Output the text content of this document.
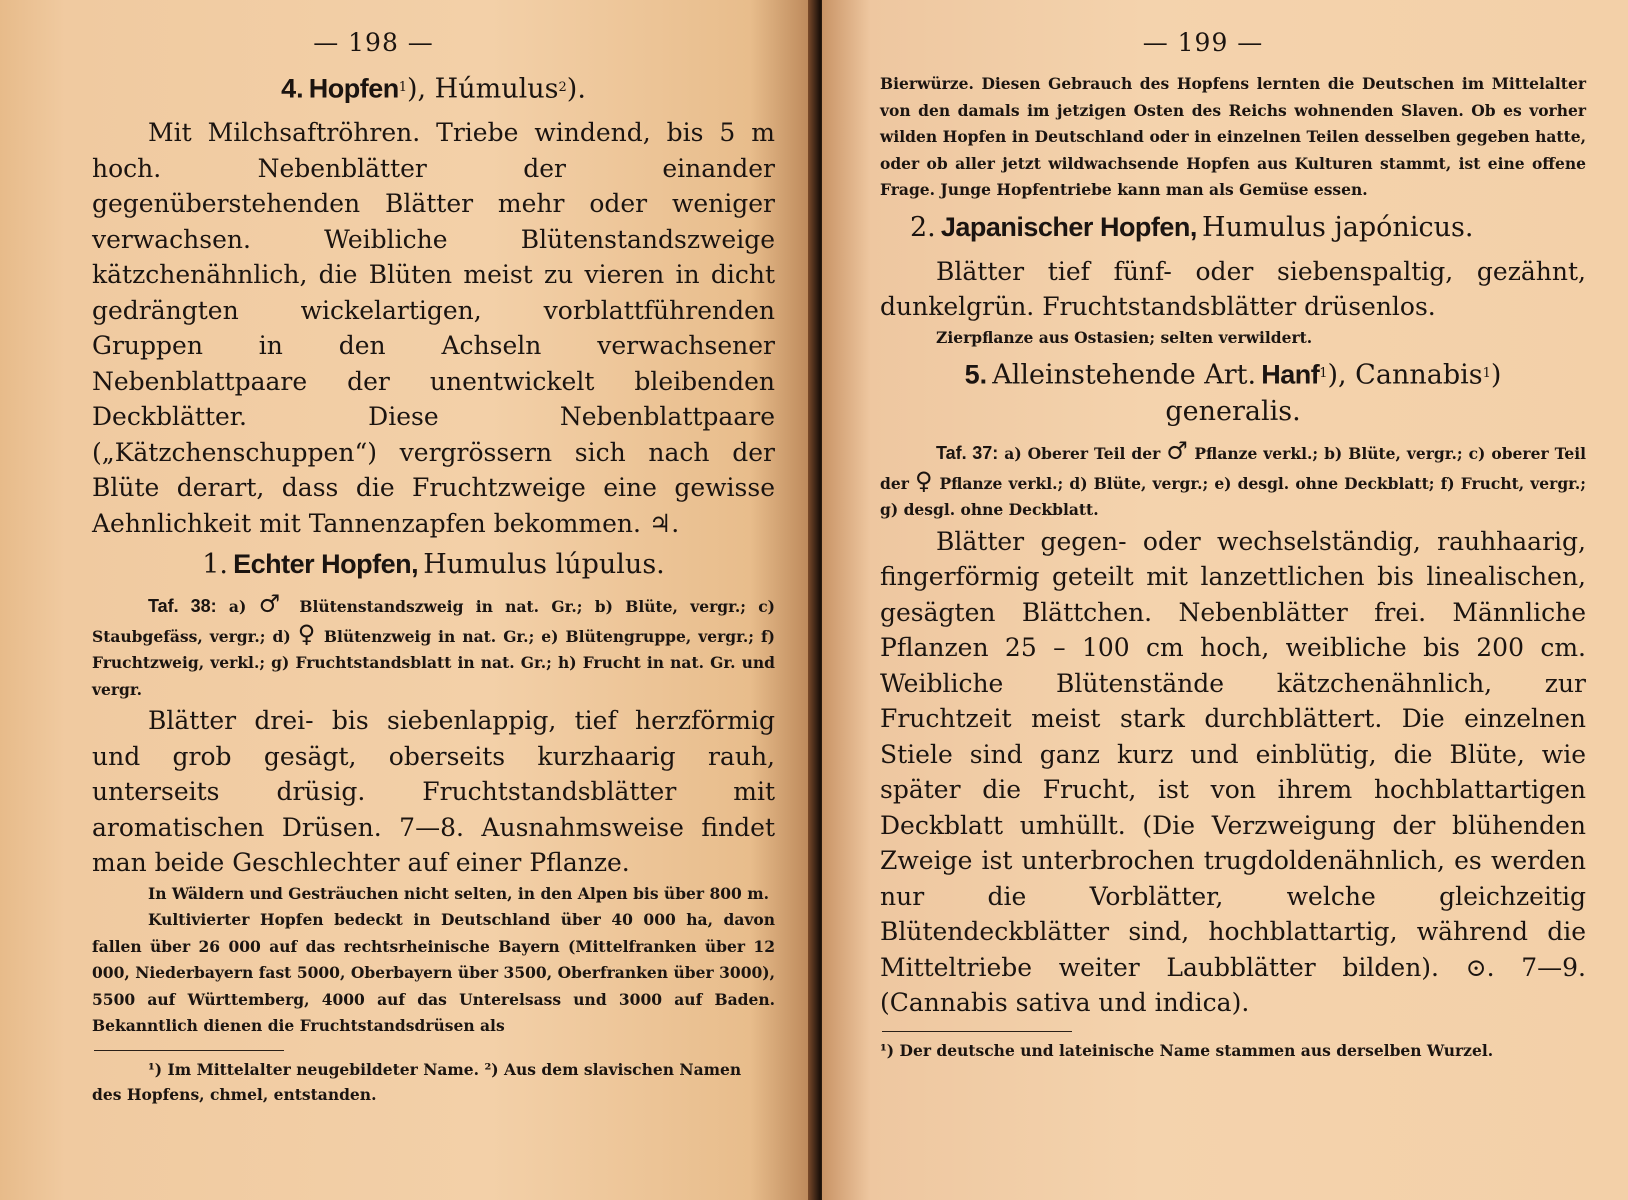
— 198 —
4. Hopfen$^1$), Húmulus$^2$).

Mit Milchsaftröhren. Triebe windend, bis 5 m hoch. Nebenblätter der einander gegenüberstehenden Blätter mehr oder weniger verwachsen. Weibliche Blütenstandszweige kätzchenähnlich, die Blüten meist zu vieren in dicht gedrängten wickelartigen, vorblattführenden Gruppen in den Achseln verwachsener Nebenblattpaare der unentwickelt bleibenden Deckblätter. Diese Nebenblattpaare („Kätzchenschuppen“) vergrössern sich nach der Blüte derart, dass die Fruchtzweige eine gewisse Aehnlichkeit mit Tannenzapfen bekommen. ♃.

1. Echter Hopfen, Humulus lúpulus.

Taf. 38: a) ♂ Blütenstandszweig in nat. Gr.; b) Blüte, vergr.; c) Staubgefäss, vergr.; d) ♀ Blütenzweig in nat. Gr.; e) Blütengruppe, vergr.; f) Fruchtzweig, verkl.; g) Fruchtstandsblatt in nat. Gr.; h) Frucht in nat. Gr. und vergr.

Blätter drei- bis siebenlappig, tief herzförmig und grob gesägt, oberseits kurzhaarig rauh, unterseits drüsig. Fruchtstandsblätter mit aromatischen Drüsen. 7—8. Ausnahmsweise findet man beide Geschlechter auf einer Pflanze.

In Wäldern und Gesträuchen nicht selten, in den Alpen bis über 800 m.

Kultivierter Hopfen bedeckt in Deutschland über 40 000 ha, davon fallen über 26 000 auf das rechtsrheinische Bayern (Mittelfranken über 12 000, Niederbayern fast 5000, Oberbayern über 3500, Oberfranken über 3000), 5500 auf Württemberg, 4000 auf das Unterelsass und 3000 auf Baden. Bekanntlich dienen die Fruchtstandsdrüsen als

¹) Im Mittelalter neugebildeter Name. ²) Aus dem slavischen Namen des Hopfens, chmel, entstanden.

— 199 —

Bierwürze. Diesen Gebrauch des Hopfens lernten die Deutschen im Mittelalter von den damals im jetzigen Osten des Reichs wohnenden Slaven. Ob es vorher wilden Hopfen in Deutschland oder in einzelnen Teilen desselben gegeben hatte, oder ob aller jetzt wildwachsende Hopfen aus Kulturen stammt, ist eine offene Frage. Junge Hopfentriebe kann man als Gemüse essen.

2. Japanischer Hopfen, Humulus japónicus.

Blätter tief fünf- oder siebenspaltig, gezähnt, dunkelgrün. Fruchtstandsblätter drüsenlos.

Zierpflanze aus Ostasien; selten verwildert.

5. Alleinstehende Art. Hanf$^1$), Cannabis$^1$)
generalis.

Taf. 37: a) Oberer Teil der ♂ Pflanze verkl.; b) Blüte, vergr.; c) oberer Teil der ♀ Pflanze verkl.; d) Blüte, vergr.; e) desgl. ohne Deckblatt; f) Frucht, vergr.; g) desgl. ohne Deckblatt.

Blätter gegen- oder wechselständig, rauhhaarig, fingerförmig geteilt mit lanzettlichen bis linealischen, gesägten Blättchen. Nebenblätter frei. Männliche Pflanzen 25 – 100 cm hoch, weibliche bis 200 cm. Weibliche Blütenstände kätzchenähnlich, zur Fruchtzeit meist stark durchblättert. Die einzelnen Stiele sind ganz kurz und einblütig, die Blüte, wie später die Frucht, ist von ihrem hochblattartigen Deckblatt umhüllt. (Die Verzweigung der blühenden Zweige ist unterbrochen trugdoldenähnlich, es werden nur die Vorblätter, welche gleichzeitig Blütendeckblätter sind, hochblattartig, während die Mitteltriebe weiter Laubblätter bilden). ⊙. 7—9. (Cannabis sativa und indica).

¹) Der deutsche und lateinische Name stammen aus derselben Wurzel.
